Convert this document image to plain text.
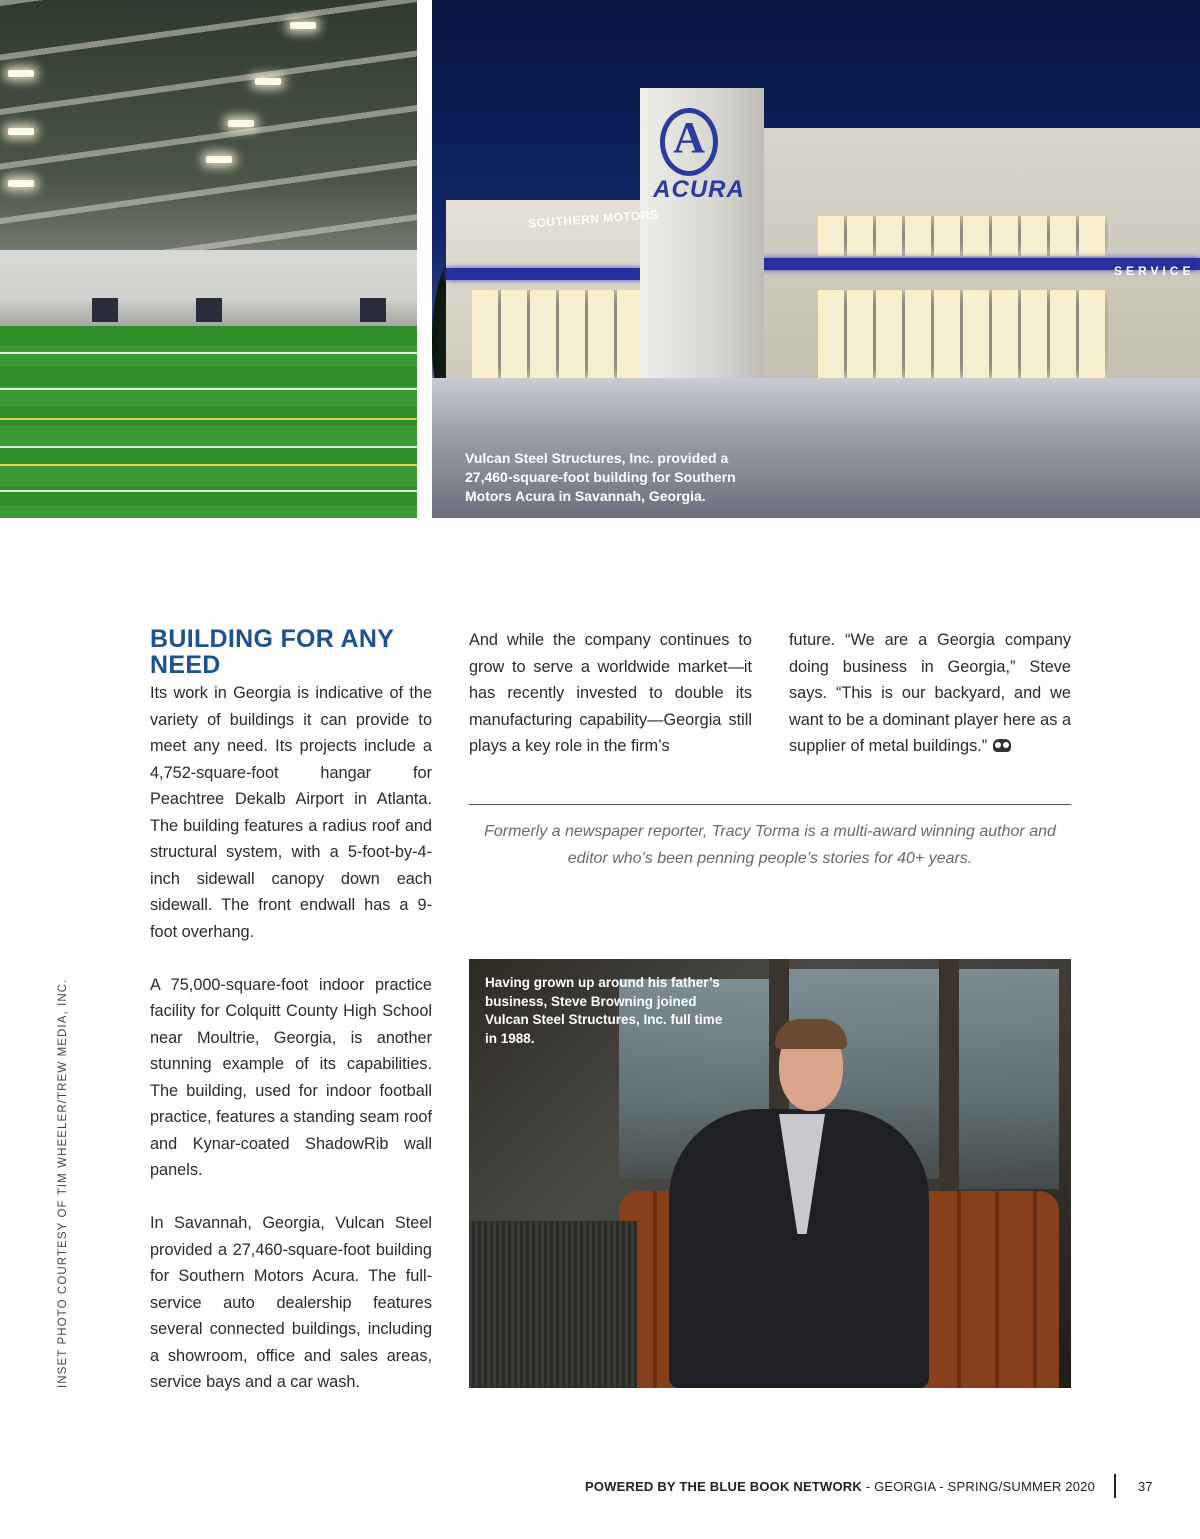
A
ACURA
SOUTHERN MOTORS
SERVICE
Vulcan Steel Structures, Inc. provided a 27,460-square-foot building for Southern Motors Acura in Savannah, Georgia.
BUILDING FOR ANY NEED

Its work in Georgia is indicative of the variety of buildings it can provide to meet any need. Its projects include a 4,752-square-foot hangar for Peachtree Dekalb Airport in Atlanta. The building features a radius roof and structural system, with a 5-foot-by-4-inch sidewall canopy down each sidewall. The front endwall has a 9-foot overhang.

A 75,000-square-foot indoor practice facility for Colquitt County High School near Moultrie, Georgia, is another stunning example of its capabilities. The building, used for indoor football practice, features a standing seam roof and Kynar-coated ShadowRib wall panels.

In Savannah, Georgia, Vulcan Steel provided a 27,460-square-foot building for Southern Motors Acura. The full-service auto dealership features several connected buildings, including a showroom, office and sales areas, service bays and a car wash.

And while the company continues to grow to serve a worldwide market—it has recently invested to double its manufacturing capability—Georgia still plays a key role in the firm’s

future. “We are a Georgia company doing business in Georgia,” Steve says. “This is our backyard, and we want to be a dominant player here as a supplier of metal buildings.”

Formerly a newspaper reporter, Tracy Torma is a multi-award winning author and editor who’s been penning people’s stories for 40+ years.
Having grown up around his father’s business, Steve Browning joined Vulcan Steel Structures, Inc. full time in 1988.
INSET PHOTO COURTESY OF TIM WHEELER/TREW MEDIA, INC.
POWERED BY THE BLUE BOOK NETWORK - GEORGIA - SPRING/SUMMER 2020	37
